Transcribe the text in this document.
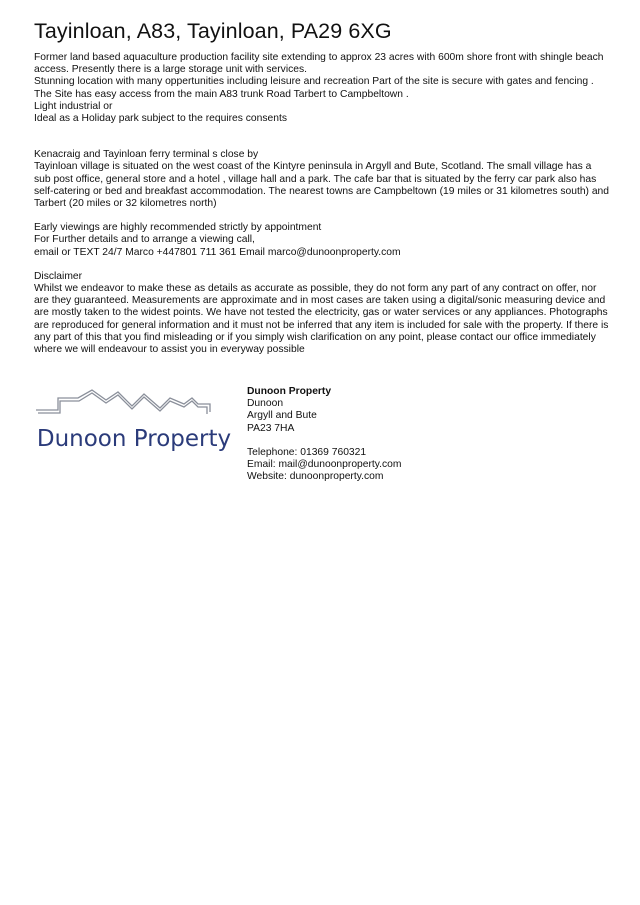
Tayinloan, A83, Tayinloan, PA29 6XG
Former land based aquaculture production facility site extending to approx 23 acres with 600m shore front with shingle beach access. Presently there is a large storage unit with services.
Stunning location with many oppertunities including leisure and recreation Part of the site is secure with gates and fencing . The Site has easy access from the main A83 trunk Road Tarbert to Campbeltown .
Light industrial or
Ideal as a Holiday park subject to the requires consents
Kenacraig and Tayinloan ferry terminal s close by
Tayinloan village is situated on the west coast of the Kintyre peninsula in Argyll and Bute, Scotland. The small village has a sub post office, general store and a hotel , village hall and a park. The cafe bar that is situated by the ferry car park also has self-catering or bed and breakfast accommodation. The nearest towns are Campbeltown (19 miles or 31 kilometres south) and Tarbert (20 miles or 32 kilometres north)
Early viewings are highly recommended strictly by appointment
For Further details and to arrange a viewing call,
email or TEXT 24/7 Marco +447801 711 361 Email marco@dunoonproperty.com
Disclaimer
Whilst we endeavor to make these as details as accurate as possible, they do not form any part of any contract on offer, nor are they guaranteed. Measurements are approximate and in most cases are taken using a digital/sonic measuring device and are mostly taken to the widest points. We have not tested the electricity, gas or water services or any appliances. Photographs are reproduced for general information and it must not be inferred that any item is included for sale with the property. If there is any part of this that you find misleading or if you simply wish clarification on any point, please contact our office immediately where we will endeavour to assist you in everyway possible
Dunoon Property
Dunoon Property
Dunoon
Argyll and Bute
PA23 7HA
Telephone: 01369 760321
Email: mail@dunoonproperty.com
Website: dunoonproperty.com
